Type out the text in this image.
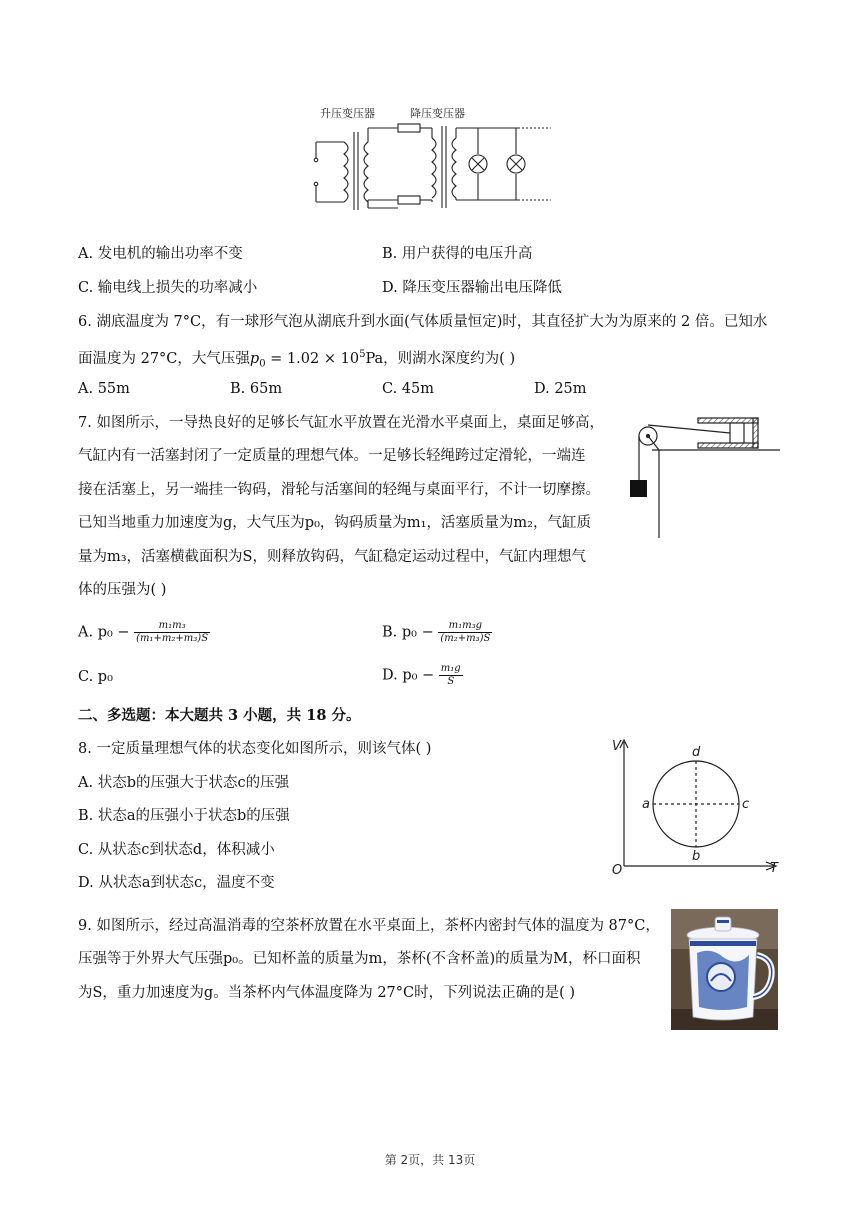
升压变压器	降压变压器
A. 发电机的输出功率不变	B. 用户获得的电压升高
C. 输电线上损失的功率减小	D. 降压变压器输出电压降低
6. 湖底温度为 7°C，有一球形气泡从湖底升到水面(气体质量恒定)时，其直径扩大为为原来的 2 倍。已知水
面温度为 27°C，大气压强$p_0 = 1.02 \times 10^5Pa$，则湖水深度约为( )
A. 55m	B. 65m	C. 45m	D. 25m
7. 如图所示，一导热良好的足够长气缸水平放置在光滑水平桌面上，桌面足够高，
气缸内有一活塞封闭了一定质量的理想气体。一足够长轻绳跨过定滑轮，一端连
接在活塞上，另一端挂一钩码，滑轮与活塞间的轻绳与桌面平行，不计一切摩擦。
已知当地重力加速度为g，大气压为p₀，钩码质量为m₁，活塞质量为m₂，气缸质
量为m₃，活塞横截面积为S，则释放钩码，气缸稳定运动过程中，气缸内理想气
体的压强为( )
A. $p_0 - \frac{\text{m₁m₃}}{\text{(m₁+m₂+m₃)S}}$	B. $p_0 - \frac{\text{m₁m₃g}}{\text{(m₂+m₃)S}}$
C. p₀	D. $p_0 - \frac{\text{m₁g}}{S}$
二、多选题：本大题共 3 小题，共 18 分。
8. 一定质量理想气体的状态变化如图所示，则该气体( )
A. 状态b的压强大于状态c的压强
B. 状态a的压强小于状态b的压强
C. 从状态c到状态d，体积减小
D. 从状态a到状态c，温度不变
V
T
O
a	c
d
b
9. 如图所示，经过高温消毒的空茶杯放置在水平桌面上，茶杯内密封气体的温度为 87°C，
压强等于外界大气压强p₀。已知杯盖的质量为m，茶杯(不含杯盖)的质量为M，杯口面积
为S，重力加速度为g。当茶杯内气体温度降为 27°C时，下列说法正确的是( )
第 2页，共 13页
